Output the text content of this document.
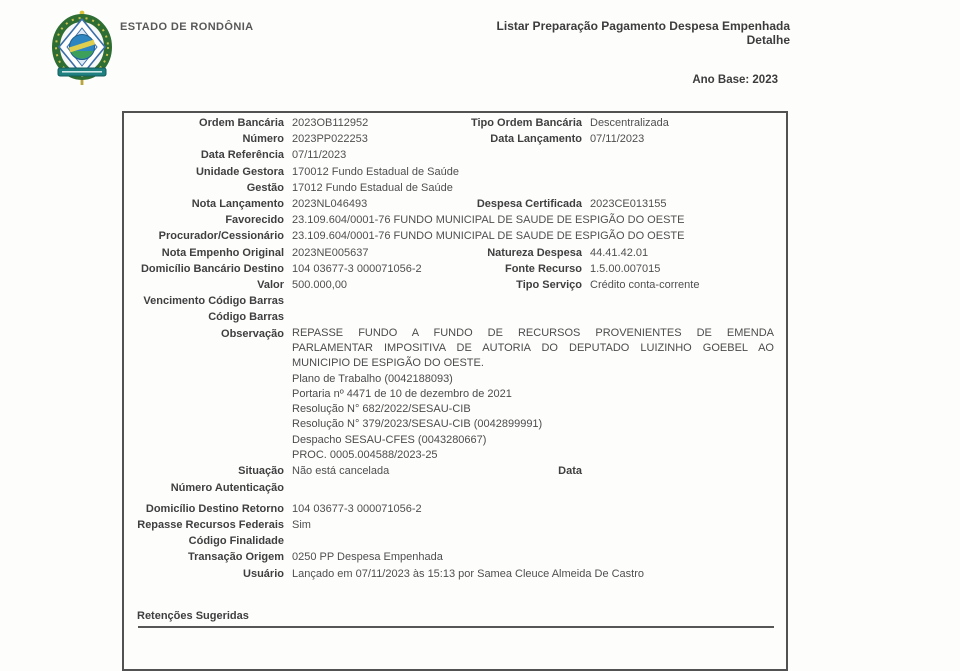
ESTADO DE RONDÔNIA	Listar Preparação Pagamento Despesa Empenhada
Detalhe
Ano Base: 2023
Ordem Bancária 2023OB112952	Tipo Ordem Bancária Descentralizada
Número 2023PP022253	Data Lançamento 07/11/2023
Data Referência 07/11/2023
Unidade Gestora 170012 Fundo Estadual de Saúde
Gestão 17012 Fundo Estadual de Saúde
Nota Lançamento 2023NL046493	Despesa Certificada 2023CE013155
Favorecido 23.109.604/0001-76 FUNDO MUNICIPAL DE SAUDE DE ESPIGÃO DO OESTE
Procurador/Cessionário 23.109.604/0001-76 FUNDO MUNICIPAL DE SAUDE DE ESPIGÃO DO OESTE
Nota Empenho Original 2023NE005637	Natureza Despesa 44.41.42.01
Domicílio Bancário Destino 104 03677-3 000071056-2	Fonte Recurso 1.5.00.007015
Valor 500.000,00	Tipo Serviço Crédito conta-corrente
Vencimento Código Barras
Código Barras
Observação REPASSE FUNDO A FUNDO DE RECURSOS PROVENIENTES DE EMENDA
PARLAMENTAR IMPOSITIVA DE AUTORIA DO DEPUTADO LUIZINHO GOEBEL AO
MUNICIPIO DE ESPIGÃO DO OESTE.
Plano de Trabalho (0042188093)
Portaria nº 4471 de 10 de dezembro de 2021
Resolução N° 682/2022/SESAU-CIB
Resolução N° 379/2023/SESAU-CIB (0042899991)
Despacho SESAU-CFES (0043280667)
PROC. 0005.004588/2023-25
Situação Não está cancelada	Data
Número Autenticação
Domicílio Destino Retorno 104 03677-3 000071056-2
Repasse Recursos Federais Sim
Código Finalidade
Transação Origem 0250 PP Despesa Empenhada
Usuário Lançado em 07/11/2023 às 15:13 por Samea Cleuce Almeida De Castro
Retenções Sugeridas
